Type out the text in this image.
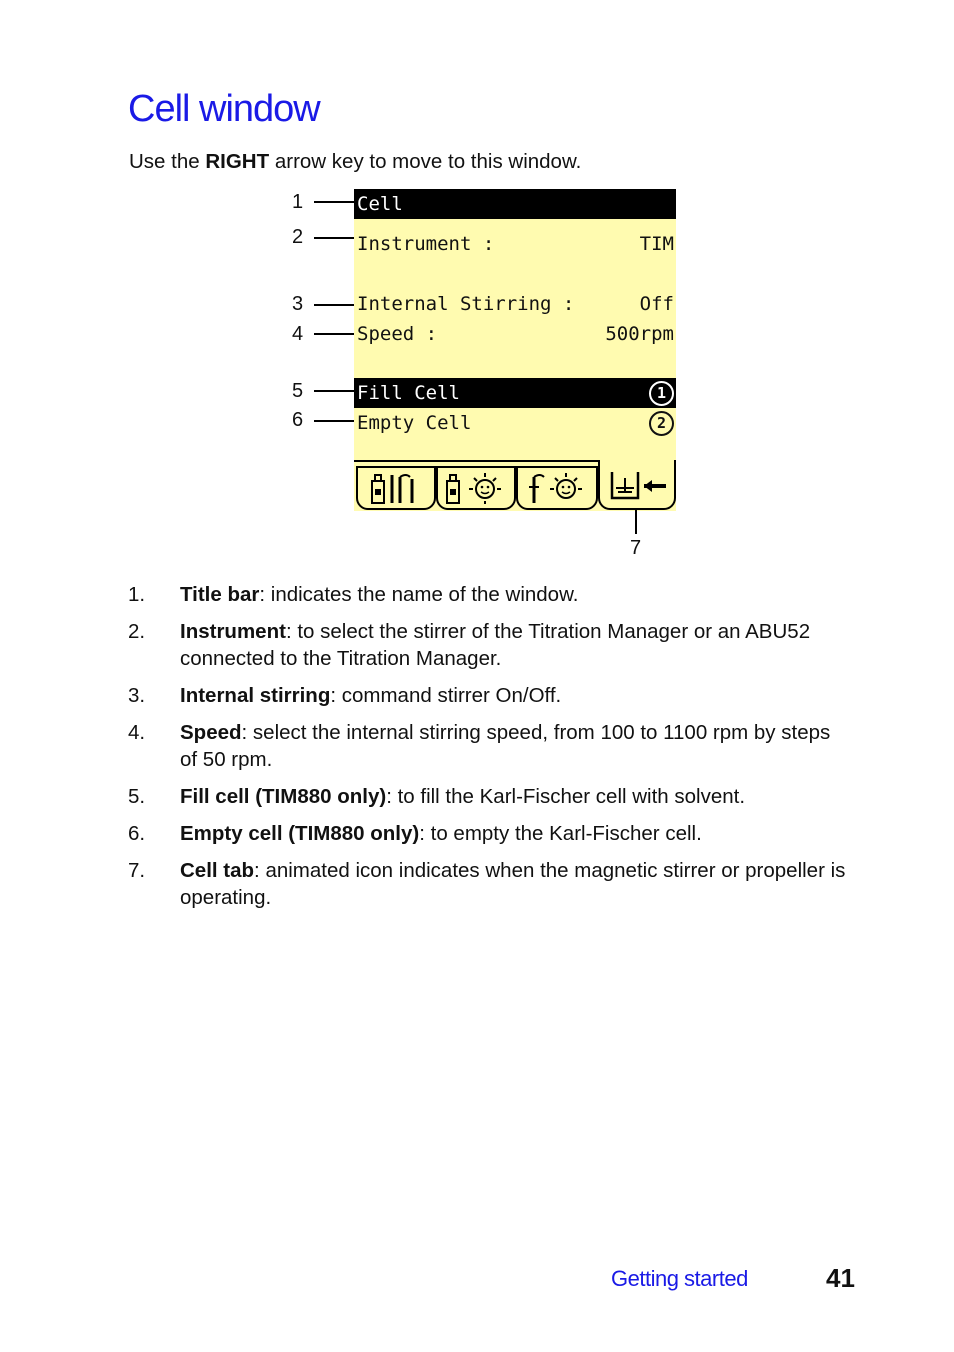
Cell window
Use the RIGHT arrow key to move to this window.
Cell
Instrument :	TIM
Internal Stirring :	Off
Speed :	500rpm
Fill Cell	1
Empty Cell	2
1
2
3
4
5
6
7
1. Title bar: indicates the name of the window.
2. Instrument: to select the stirrer of the Titration Manager or an ABU52 connected to the Titration Manager.
3. Internal stirring: command stirrer On/Off.
4. Speed: select the internal stirring speed, from 100 to 1100 rpm by steps of 50 rpm.
5. Fill cell (TIM880 only): to fill the Karl-Fischer cell with solvent.
6. Empty cell (TIM880 only): to empty the Karl-Fischer cell.
7. Cell tab: animated icon indicates when the magnetic stirrer or propeller is operating.
Getting started	41
